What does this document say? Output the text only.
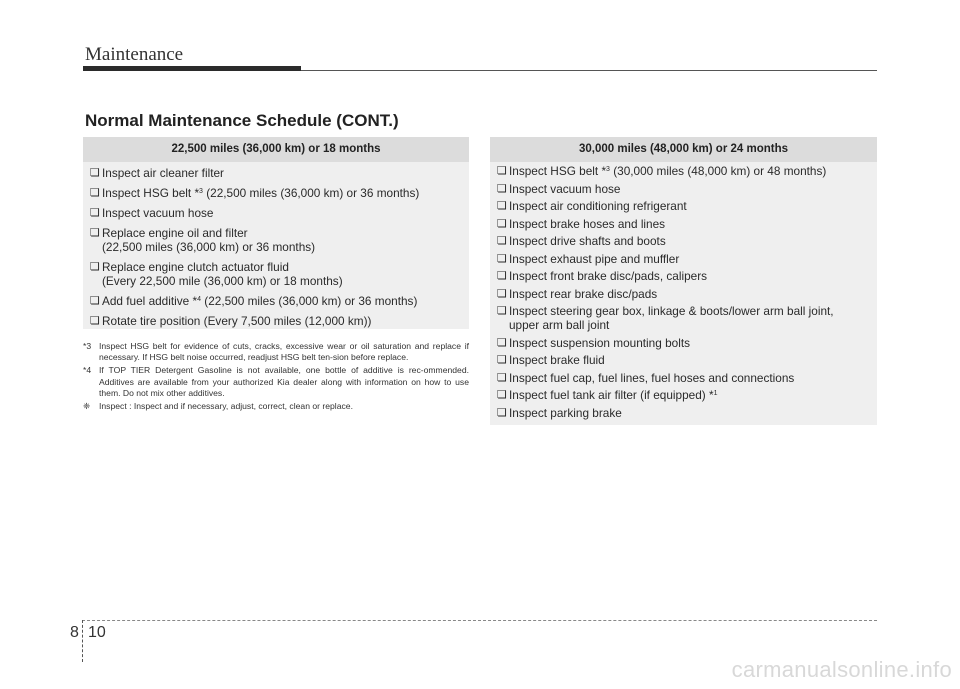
Maintenance
Normal Maintenance Schedule (CONT.)
22,500 miles (36,000 km) or 18 months
❏ Inspect air cleaner filter
❏ Inspect HSG belt *$^3$ (22,500 miles (36,000 km) or 36 months)
❏ Inspect vacuum hose
❏ Replace engine oil and filter
(22,500 miles (36,000 km) or 36 months)
❏ Replace engine clutch actuator fluid
(Every 22,500 mile (36,000 km) or 18 months)
❏ Add fuel additive *$^4$ (22,500 miles (36,000 km) or 36 months)
❏ Rotate tire position (Every 7,500 miles (12,000 km))
30,000 miles (48,000 km) or 24 months
❏ Inspect HSG belt *$^3$ (30,000 miles (48,000 km) or 48 months)
❏ Inspect vacuum hose
❏ Inspect air conditioning refrigerant
❏ Inspect brake hoses and lines
❏ Inspect drive shafts and boots
❏ Inspect exhaust pipe and muffler
❏ Inspect front brake disc/pads, calipers
❏ Inspect rear brake disc/pads
❏ Inspect steering gear box, linkage & boots/lower arm ball joint,
upper arm ball joint
❏ Inspect suspension mounting bolts
❏ Inspect brake fluid
❏ Inspect fuel cap, fuel lines, fuel hoses and connections
❏ Inspect fuel tank air filter (if equipped) *$^1$
❏ Inspect parking brake
*3 Inspect HSG belt for evidence of cuts, cracks, excessive wear or oil saturation and replace if necessary. If HSG belt noise occurred, readjust HSG belt ten-sion before replace.
*4 If TOP TIER Detergent Gasoline is not available, one bottle of additive is rec-ommended. Additives are available from your authorized Kia dealer along with information on how to use them. Do not mix other additives.
❈	Inspect : Inspect and if necessary, adjust, correct, clean or replace.
8 10
carmanualsonline.info
